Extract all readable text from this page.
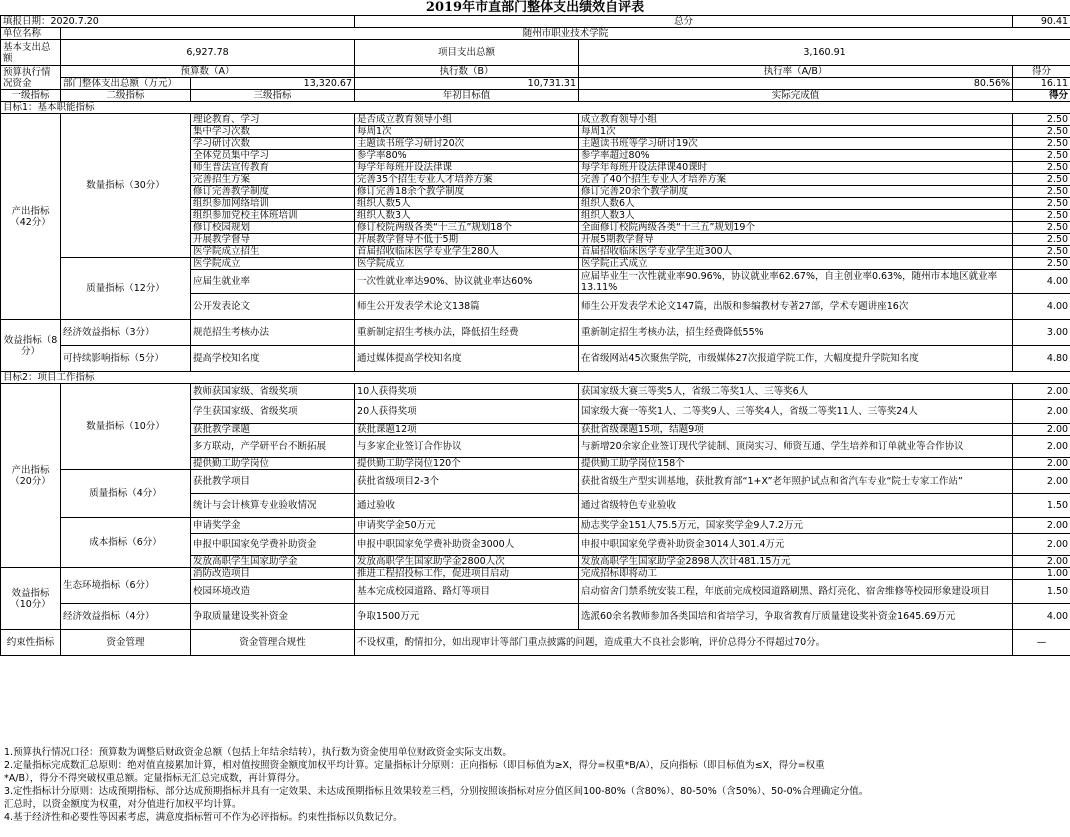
2019年市直部门整体支出绩效自评表
填报日期：2020.7.20			总分		90.41
单位名称	随州市职业技术学院				
基本支出总额	6,927.78		项目支出总额	3,160.91	
预算执行情况资金	预算数（A）		执行数（B）	执行率（A/B）	得分
	部门整体支出总额（万元）	13,320.67	10,731.31	80.56%	16.11
一级指标	二级指标	三级指标	年初目标值	实际完成值	得分
目标1：基本职能指标					
产出指标（42分）	数量指标（30分）	理论教育、学习	是否成立教育领导小组	成立教育领导小组	2.50
		集中学习次数	每周1次	每周1次	2.50
		学习研讨次数	主题读书班学习研讨20次	主题读书班等学习研讨19次	2.50
		全体党员集中学习	参学率80%	参学率超过80%	2.50
		师生普法宣传教育	每学年每班开设法律课	每学年每班开设法律课40课时	2.50
		完善招生方案	完善35个招生专业人才培养方案	完善了40个招生专业人才培养方案	2.50
		修订完善教学制度	修订完善18余个教学制度	修订完善20余个教学制度	2.50
		组织参加网络培训	组织人数5人	组织人数6人	2.50
		组织参加党校主体班培训	组织人数3人	组织人数3人	2.50
		修订校园规划	修订校院两级各类“十三五”规划18个	全面修订校院两级各类“十三五”规划19个	2.50
		开展教学督导	开展教学督导不低于5期	开展5期教学督导	2.50
		医学院成立招生	首届招收临床医学专业学生280人	首届招收临床医学专业学生近300人	2.50
	质量指标（12分）	医学院成立	医学院成立	医学院正式成立	2.50
		应届生就业率	一次性就业率达90%、协议就业率达60%	应届毕业生一次性就业率90.96%，协议就业率62.67%，自主创业率0.63%，随州市本地区就业率13.11%	4.00
		公开发表论文	师生公开发表学术论文138篇	师生公开发表学术论文147篇，出版和参编教材专著27部，学术专题讲座16次	4.00
效益指标（8分）	经济效益指标（3分）	规范招生考核办法	重新制定招生考核办法，降低招生经费	重新制定招生考核办法，招生经费降低55%	3.00
	可持续影响指标（5分）	提高学校知名度	通过媒体提高学校知名度	在省级网站45次聚焦学院，市级媒体27次报道学院工作，大幅度提升学院知名度	4.80
目标2：项目工作指标					
产出指标（20分）	数量指标（10分）	教师获国家级、省级奖项	10人获得奖项	获国家级大赛三等奖5人，省级二等奖1人、三等奖6人	2.00
		学生获国家级、省级奖项	20人获得奖项	国家级大赛一等奖1人、二等奖9人、三等奖4人，省级二等奖11人、三等奖24人	2.00
		获批教学课题	获批课题12项	获批省级课题15项，结题9项	2.00
		多方联动，产学研平台不断拓展	与多家企业签订合作协议	与新增20余家企业签订现代学徒制、顶岗实习、师资互通、学生培养和订单就业等合作协议	2.00
		提供勤工助学岗位	提供勤工助学岗位120个	提供勤工助学岗位158个	2.00
	质量指标（4分）	获批教学项目	获批省级项目2-3个	获批省级生产型实训基地，获批教育部“1+X”老年照护试点和省汽车专业“院士专家工作站”	2.00
		统计与会计核算专业验收情况	通过验收	通过省级特色专业验收	1.50
	成本指标（6分）	申请奖学金	申请奖学金50万元	励志奖学金151人75.5万元，国家奖学金9人7.2万元	2.00
		申报中职国家免学费补助资金	申报中职国家免学费补助资金3000人	申报中职国家免学费补助资金3014人301.4万元	2.00
		发放高职学生国家助学金	发放高职学生国家助学金2800人次	发放高职学生国家助学金2898人次计481.15万元	2.00
效益指标（10分）	生态环境指标（6分）	消防改造项目	推进工程招投标工作，促进项目启动	完成招标即将动工	1.00
		校园环境改造	基本完成校园道路、路灯等项目	启动宿舍门禁系统安装工程，年底前完成校园道路刷黑、路灯亮化、宿舍维修等校园形象建设项目	1.50
	经济效益指标（4分）	争取质量建设奖补资金	争取1500万元	选派60余名教师参加各类国培和省培学习，争取省教育厅质量建设奖补资金1645.69万元	4.00
约束性指标	资金管理	资金管理合规性	不设权重，酌情扣分，如出现审计等部门重点披露的问题，造成重大不良社会影响，评价总得分不得超过70分。		—
1.预算执行情况口径：预算数为调整后财政资金总额（包括上年结余结转），执行数为资金使用单位财政资金实际支出数。
2.定量指标完成数汇总原则：绝对值直接累加计算，相对值按照资金额度加权平均计算。定量指标计分原则：正向指标（即目标值为≥X，得分=权重*B/A），反向指标（即目标值为≤X，得分=权重
*A/B），得分不得突破权重总额。定量指标无汇总完成数，再计算得分。
3.定性指标计分原则：达成预期指标、部分达成预期指标并具有一定效果、未达成预期指标且效果较差三档，分别按照该指标对应分值区间100-80%（含80%）、80-50%（含50%）、50-0%合理确定分值。
汇总时，以资金额度为权重，对分值进行加权平均计算。
4.基于经济性和必要性等因素考虑，满意度指标暂可不作为必评指标。约束性指标以负数记分。
